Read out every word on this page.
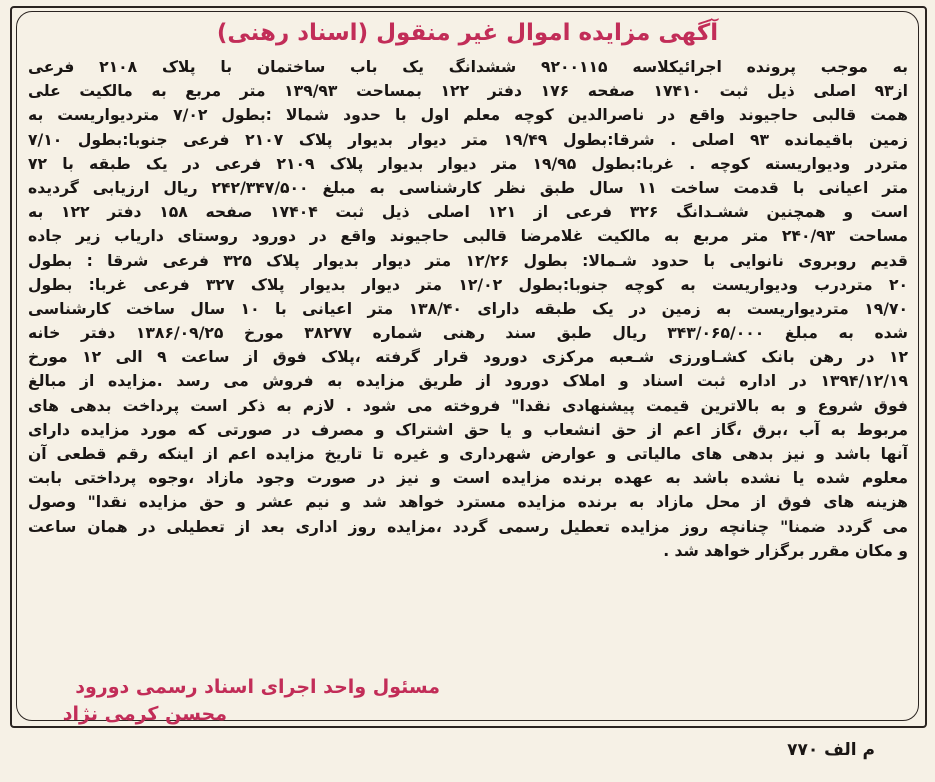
آگهی مزایده اموال غیر منقول (اسناد رهنی)
به موجب پرونده اجرائیکلاسه ۹۲۰۰۱۱۵ ششدانگ یک باب ساختمان با پلاک ۲۱۰۸ فرعی
از۹۳ اصلی ذیل ثبت ۱۷۴۱۰ صفحه ۱۷۶ دفتر ۱۲۲ بمساحت ۱۳۹/۹۳ متر مربع به مالکیت علی
همت قالبی حاجیوند واقع در ناصرالدین کوچه معلم اول با حدود شمالا :بطول ۷/۰۲ متردیواریست به
زمین باقیمانده ۹۳ اصلی . شرقا:بطول ۱۹/۴۹ متر دیوار بدیوار پلاک ۲۱۰۷ فرعی جنوبا:بطول ۷/۱۰
متردر ودیواریسته کوچه . غربا:بطول ۱۹/۹۵ متر دیوار بدیوار پلاک ۲۱۰۹ فرعی در یک طبقه با ۷۲
متر اعیانی با قدمت ساخت ۱۱ سال طبق نظر کارشناسی به مبلغ ۲۴۲/۳۴۷/۵۰۰ ریال ارزیابی گردیده
است و همچنین ششـدانگ ۳۲۶ فرعی از ۱۲۱ اصلی ذیل ثبت ۱۷۴۰۴ صفحه ۱۵۸ دفتر ۱۲۲ به
مساحت ۲۴۰/۹۳ متر مربع به مالکیت غلامرضا قالبی حاجیوند واقع در دورود روستای داریاب زیر جاده
قدیم روبروی نانوایی با حدود شـمالا: بطول ۱۲/۲۶ متر دیوار بدیوار پلاک ۳۲۵ فرعی شرقا : بطول
۲۰ متردرب ودیواریست به کوچه جنوبا:بطول ۱۲/۰۲ متر دیوار بدیوار پلاک ۳۲۷ فرعی غربا: بطول
۱۹/۷۰ متردیواریست به زمین در یک طبقه دارای ۱۳۸/۴۰ متر اعیانی با ۱۰ سال ساخت کارشناسی
شده به مبلغ ۳۴۳/۰۶۵/۰۰۰ ریال طبق سند رهنی شماره ۳۸۲۷۷ مورخ ۱۳۸۶/۰۹/۲۵ دفتر خانه
۱۲ در رهن بانک کشـاورزی شـعبه مرکزی دورود قرار گرفته ،پلاک فوق از ساعت ۹ الی ۱۲ مورخ
۱۳۹۴/۱۲/۱۹ در اداره ثبت اسناد و املاک دورود از طریق مزایده به فروش می رسد .مزایده از مبالغ
فوق شروع و به بالاترین قیمت پیشنهادی نقدا" فروخته می شود . لازم به ذکر است پرداخت بدهی های
مربوط به آب ،برق ،گاز اعم از حق انشعاب و یا حق اشتراک و مصرف در صورتی که مورد مزایده دارای
آنها باشد و نیز بدهی های مالیاتی و عوارض شهرداری و غیره تا تاریخ مزایده اعم از اینکه رقم قطعی آن
معلوم شده یا نشده باشد به عهده برنده مزایده است و نیز در صورت وجود مازاد ،وجوه پرداختی بابت
هزینه های فوق از محل مازاد به برنده مزایده مسترد خواهد شد و نیم عشر و حق مزایده نقدا" وصول
می گردد ضمنا" چنانچه روز مزایده تعطیل رسمی گردد ،مزایده روز اداری بعد از تعطیلی در همان ساعت
و مکان مقرر برگزار خواهد شد .
مسئول واحد اجرای اسناد رسمی دورود
محسن کرمی نژاد
م الف ۷۷۰
